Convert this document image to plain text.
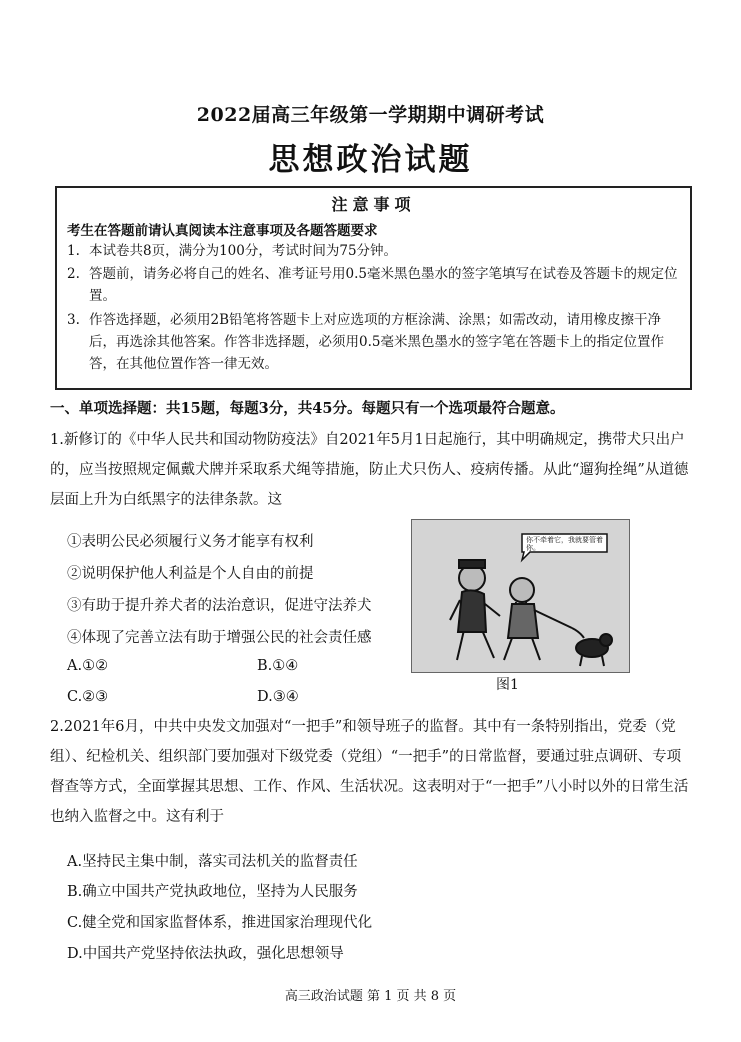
2022届高三年级第一学期期中调研考试
思想政治试题
注意事项
考生在答题前请认真阅读本注意事项及各题答题要求
1. 本试卷共8页，满分为100分，考试时间为75分钟。
2. 答题前，请务必将自己的姓名、准考证号用0.5毫米黑色墨水的签字笔填写在试卷及答题卡的规定位置。
3. 作答选择题，必须用2B铅笔将答题卡上对应选项的方框涂满、涂黑；如需改动，请用橡皮擦干净后，再选涂其他答案。作答非选择题，必须用0.5毫米黑色墨水的签字笔在答题卡上的指定位置作答，在其他位置作答一律无效。
一、单项选择题：共15题，每题3分，共45分。每题只有一个选项最符合题意。
1.新修订的《中华人民共和国动物防疫法》自2021年5月1日起施行，其中明确规定，携带犬只出户的，应当按照规定佩戴犬牌并采取系犬绳等措施，防止犬只伤人、疫病传播。从此“遛狗拴绳”从道德层面上升为白纸黑字的法律条款。这
①表明公民必须履行义务才能享有权利
②说明保护他人利益是个人自由的前提
③有助于提升养犬者的法治意识，促进守法养犬
④体现了完善立法有助于增强公民的社会责任感
A.①②	B.①④
C.②③	D.③④
你不牵着它，我就要管着你。
图1
2.2021年6月，中共中央发文加强对“一把手”和领导班子的监督。其中有一条特别指出，党委（党组）、纪检机关、组织部门要加强对下级党委（党组）“一把手”的日常监督，要通过驻点调研、专项督查等方式，全面掌握其思想、工作、作风、生活状况。这表明对于“一把手”八小时以外的日常生活也纳入监督之中。这有利于
A.坚持民主集中制，落实司法机关的监督责任
B.确立中国共产党执政地位，坚持为人民服务
C.健全党和国家监督体系，推进国家治理现代化
D.中国共产党坚持依法执政，强化思想领导
高三政治试题 第 1 页 共 8 页
